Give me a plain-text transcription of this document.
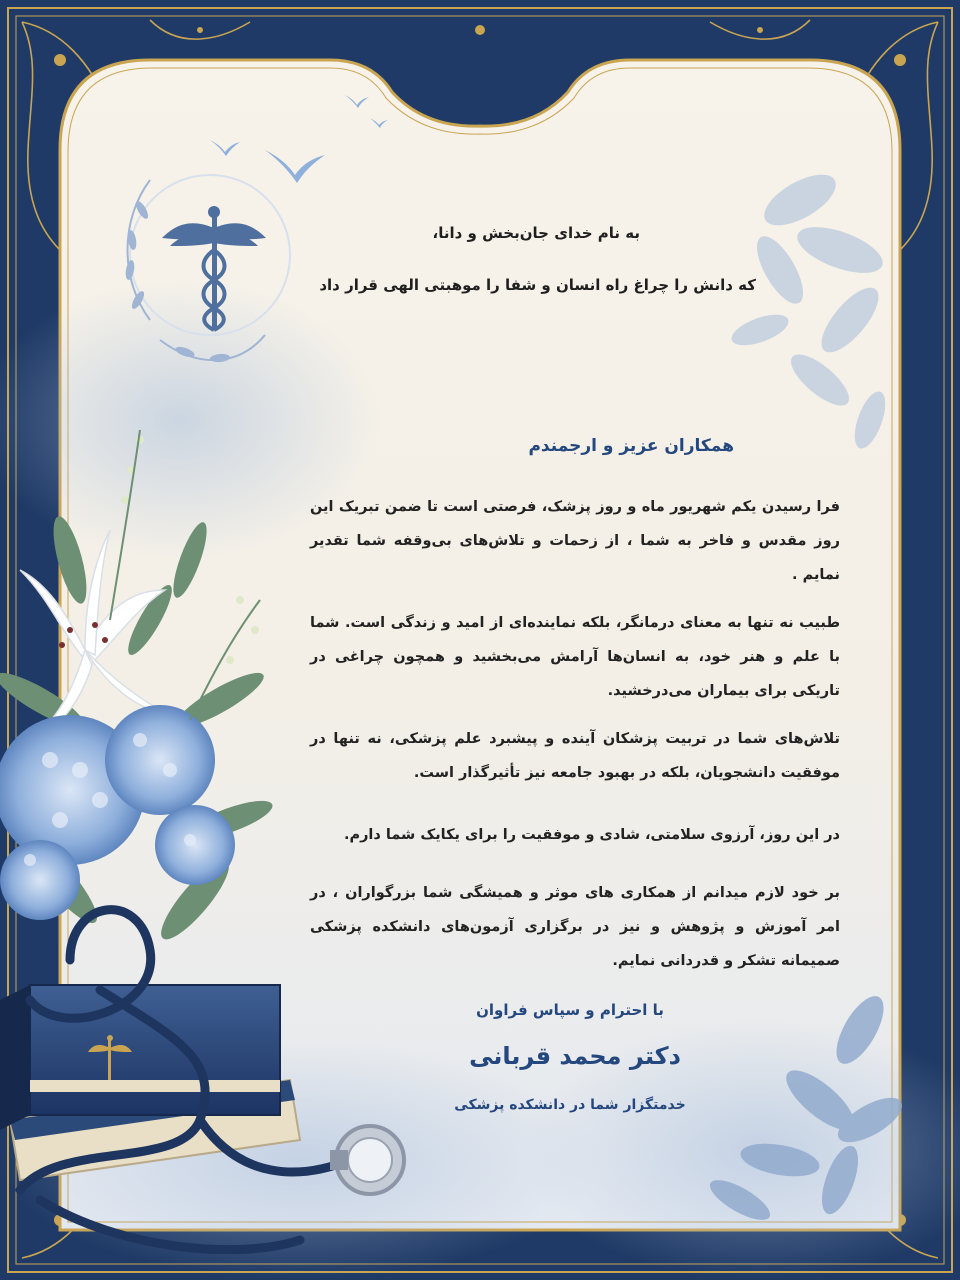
به نام خدای جان‌بخش و دانا،
که دانش را چراغ راه انسان و شفا را موهبتی الهی قرار داد
همکاران عزیز و ارجمندم
فرا رسیدن یکم شهریور ماه و روز پزشک، فرصتی است تا ضمن تبریک این روز مقدس و فاخر به شما ، از زحمات و تلاش‌های بی‌وقفه شما تقدیر نمایم .
طبیب نه تنها به معنای درمانگر، بلکه نماینده‌ای از امید و زندگی است. شما با علم و هنر خود، به انسان‌ها آرامش می‌بخشید و همچون چراغی در تاریکی برای بیماران می‌درخشید.
تلاش‌های شما در تربیت پزشکان آینده و پیشبرد علم پزشکی، نه تنها در موفقیت دانشجویان، بلکه در بهبود جامعه نیز تأثیرگذار است.
در این روز، آرزوی سلامتی، شادی و موفقیت را برای یکایک شما دارم.
بر خود لازم میدانم از همکاری های موثر و همیشگی شما بزرگواران ، در امر آموزش و پژوهش و نیز در برگزاری آزمون‌های دانشکده پزشکی صمیمانه تشکر و قدردانی نمایم.
با احترام و سپاس فراوان
دکتر محمد قربانی
خدمتگزار شما در دانشکده پزشکی
